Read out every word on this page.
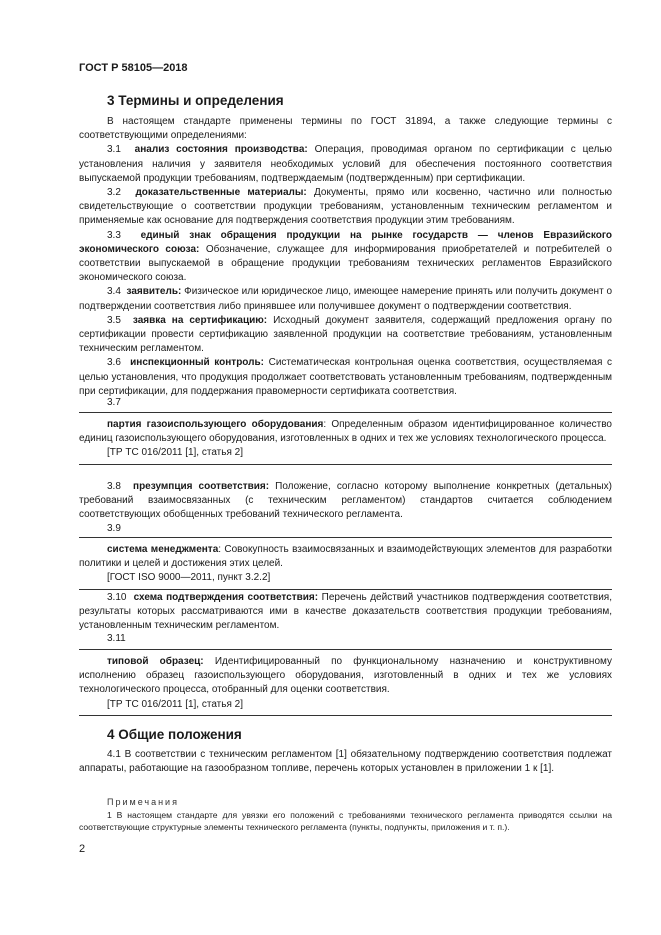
ГОСТ Р 58105—2018
3 Термины и определения

В настоящем стандарте применены термины по ГОСТ 31894, а также следующие термины с соответствующими определениями:

3.1 анализ состояния производства: Операция, проводимая органом по сертификации с целью установления наличия у заявителя необходимых условий для обеспечения постоянного соответствия выпускаемой продукции требованиям, подтверждаемым (подтвержденным) при сертификации.

3.2 доказательственные материалы: Документы, прямо или косвенно, частично или полностью свидетельствующие о соответствии продукции требованиям, установленным техническим регламентом и применяемые как основание для подтверждения соответствия продукции этим требованиям.

3.3 единый знак обращения продукции на рынке государств — членов Евразийского экономического союза: Обозначение, служащее для информирования приобретателей и потребителей о соответствии выпускаемой в обращение продукции требованиям технических регламентов Евразийского экономического союза.

3.4 заявитель: Физическое или юридическое лицо, имеющее намерение принять или получить документ о подтверждении соответствия либо принявшее или получившее документ о подтверждении соответствия.

3.5 заявка на сертификацию: Исходный документ заявителя, содержащий предложения органу по сертификации провести сертификацию заявленной продукции на соответствие требованиям, установленным техническим регламентом.

3.6 инспекционный контроль: Систематическая контрольная оценка соответствия, осуществляемая с целью установления, что продукция продолжает соответствовать установленным требованиям, подтвержденным при сертификации, для поддержания правомерности сертификата соответствия.

3.7

партия газоиспользующего оборудования: Определенным образом идентифицированное количество единиц газоиспользующего оборудования, изготовленных в одних и тех же условиях технологического процесса.

[ТР ТС 016/2011 [1], статья 2]

3.8 презумпция соответствия: Положение, согласно которому выполнение конкретных (детальных) требований взаимосвязанных (с техническим регламентом) стандартов считается соблюдением соответствующих обобщенных требований технического регламента.

3.9

система менеджмента: Совокупность взаимосвязанных и взаимодействующих элементов для разработки политики и целей и достижения этих целей.

[ГОСТ ISO 9000—2011, пункт 3.2.2]

3.10 схема подтверждения соответствия: Перечень действий участников подтверждения соответствия, результаты которых рассматриваются ими в качестве доказательств соответствия продукции требованиям, установленным техническим регламентом.

3.11

типовой образец: Идентифицированный по функциональному назначению и конструктивному исполнению образец газоиспользующего оборудования, изготовленный в одних и тех же условиях технологического процесса, отобранный для оценки соответствия.

[ТР ТС 016/2011 [1], статья 2]

4 Общие положения

4.1 В соответствии с техническим регламентом [1] обязательному подтверждению соответствия подлежат аппараты, работающие на газообразном топливе, перечень которых установлен в приложении 1 к [1].

Примечания
1 В настоящем стандарте для увязки его положений с требованиями технического регламента приводятся ссылки на соответствующие структурные элементы технического регламента (пункты, подпункты, приложения и т. п.).
2
